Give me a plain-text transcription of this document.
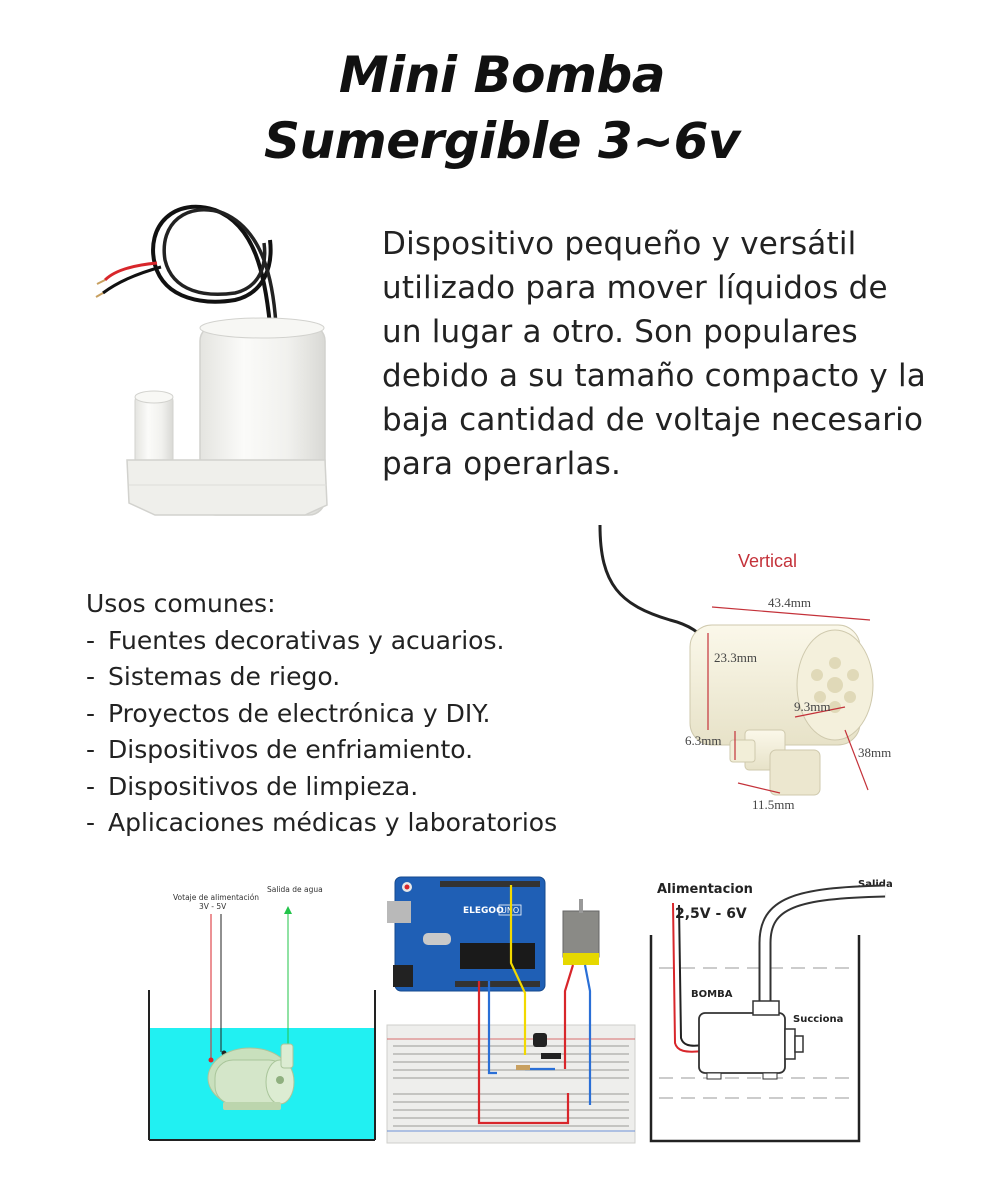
Mini Bomba
Sumergible 3~6v
Dispositivo pequeño y versátil
utilizado para mover líquidos de
un lugar a otro. Son populares
debido a su tamaño compacto y la
baja cantidad de voltaje necesario
para operarlas.
Usos comunes:
- Fuentes decorativas y acuarios.
- Sistemas de riego.
- Proyectos de electrónica y DIY.
- Dispositivos de enfriamiento.
- Dispositivos de limpieza.
- Aplicaciones médicas y laboratorios
Vertical
43.4mm
23.3mm
9.3mm
6.3mm
38mm
11.5mm
Votaje de alimentación
3V - 5V
Salida de agua
ELEGOO
UNO
Alimentacion
2,5V - 6V
Salida
BOMBA
Succiona
